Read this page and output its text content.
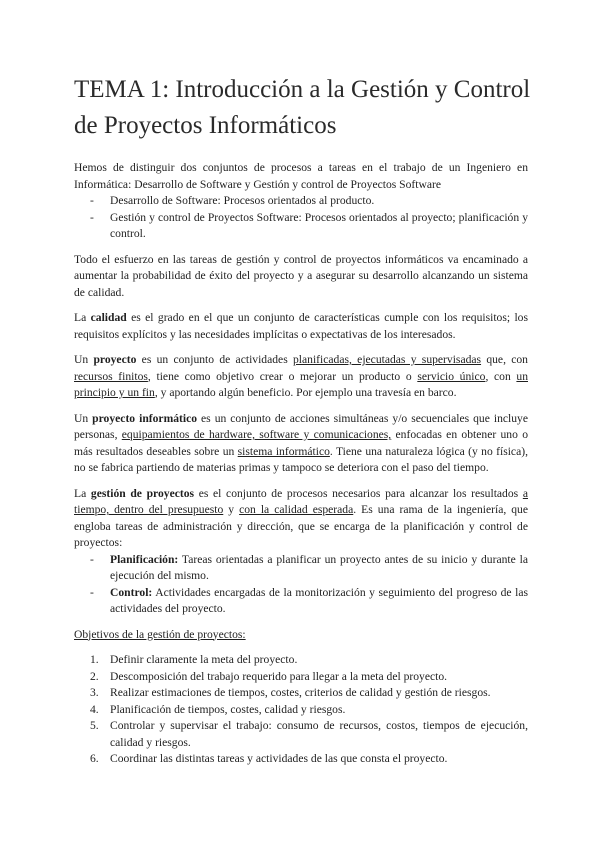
TEMA 1: Introducción a la Gestión y Control de Proyectos Informáticos

Hemos de distinguir dos conjuntos de procesos a tareas en el trabajo de un Ingeniero en Informática: Desarrollo de Software y Gestión y control de Proyectos Software

- Desarrollo de Software: Procesos orientados al producto.
- Gestión y control de Proyectos Software: Procesos orientados al proyecto; planificación y control.

Todo el esfuerzo en las tareas de gestión y control de proyectos informáticos va encaminado a aumentar la probabilidad de éxito del proyecto y a asegurar su desarrollo alcanzando un sistema de calidad.

La calidad es el grado en el que un conjunto de características cumple con los requisitos; los requisitos explícitos y las necesidades implícitas o expectativas de los interesados.

Un proyecto es un conjunto de actividades planificadas, ejecutadas y supervisadas que, con recursos finitos, tiene como objetivo crear o mejorar un producto o servicio único, con un principio y un fin, y aportando algún beneficio. Por ejemplo una travesía en barco.

Un proyecto informático es un conjunto de acciones simultáneas y/o secuenciales que incluye personas, equipamientos de hardware, software y comunicaciones, enfocadas en obtener uno o más resultados deseables sobre un sistema informático. Tiene una naturaleza lógica (y no física), no se fabrica partiendo de materias primas y tampoco se deteriora con el paso del tiempo.

La gestión de proyectos es el conjunto de procesos necesarios para alcanzar los resultados a tiempo, dentro del presupuesto y con la calidad esperada. Es una rama de la ingeniería, que engloba tareas de administración y dirección, que se encarga de la planificación y control de proyectos:

- Planificación: Tareas orientadas a planificar un proyecto antes de su inicio y durante la ejecución del mismo.
- Control: Actividades encargadas de la monitorización y seguimiento del progreso de las actividades del proyecto.

Objetivos de la gestión de proyectos:

1. Definir claramente la meta del proyecto.
2. Descomposición del trabajo requerido para llegar a la meta del proyecto.
3. Realizar estimaciones de tiempos, costes, criterios de calidad y gestión de riesgos.
4. Planificación de tiempos, costes, calidad y riesgos.
5. Controlar y supervisar el trabajo: consumo de recursos, costos, tiempos de ejecución, calidad y riesgos.
6. Coordinar las distintas tareas y actividades de las que consta el proyecto.
